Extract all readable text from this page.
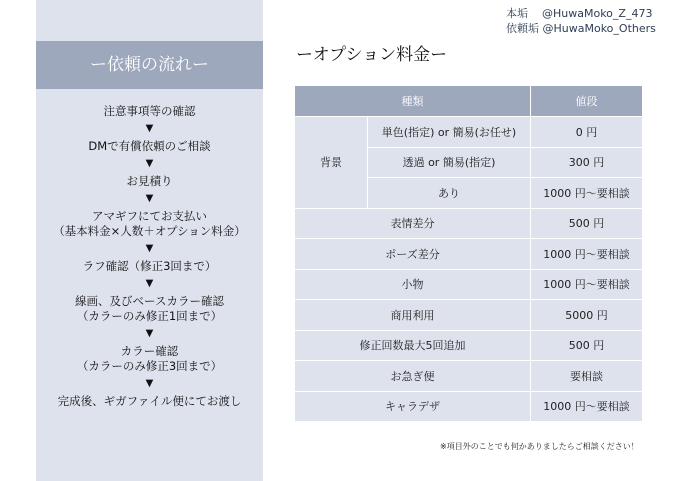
本垢 @HuwaMoko_Z_473
依頼垢 @HuwaMoko_Others
ー依頼の流れー
注意事項等の確認
▼
DMで有償依頼のご相談
▼
お見積り
▼
アマギフにてお支払い
（基本料金×人数＋オプション料金）
▼
ラフ確認（修正3回まで）
▼
線画、及びベースカラー確認
（カラーのみ修正1回まで）
▼
カラー確認
（カラーのみ修正3回まで）
▼
完成後、ギガファイル便にてお渡し
ーオプション料金ー
種類		値段
背景	単色(指定) or 簡易(お任せ)	0 円
	透過 or 簡易(指定)	300 円
	あり	1000 円～要相談
表情差分		500 円
ポーズ差分		1000 円～要相談
小物		1000 円～要相談
商用利用		5000 円
修正回数最大5回追加		500 円
お急ぎ便		要相談
キャラデザ		1000 円～要相談
※項目外のことでも何かありましたらご相談ください！
